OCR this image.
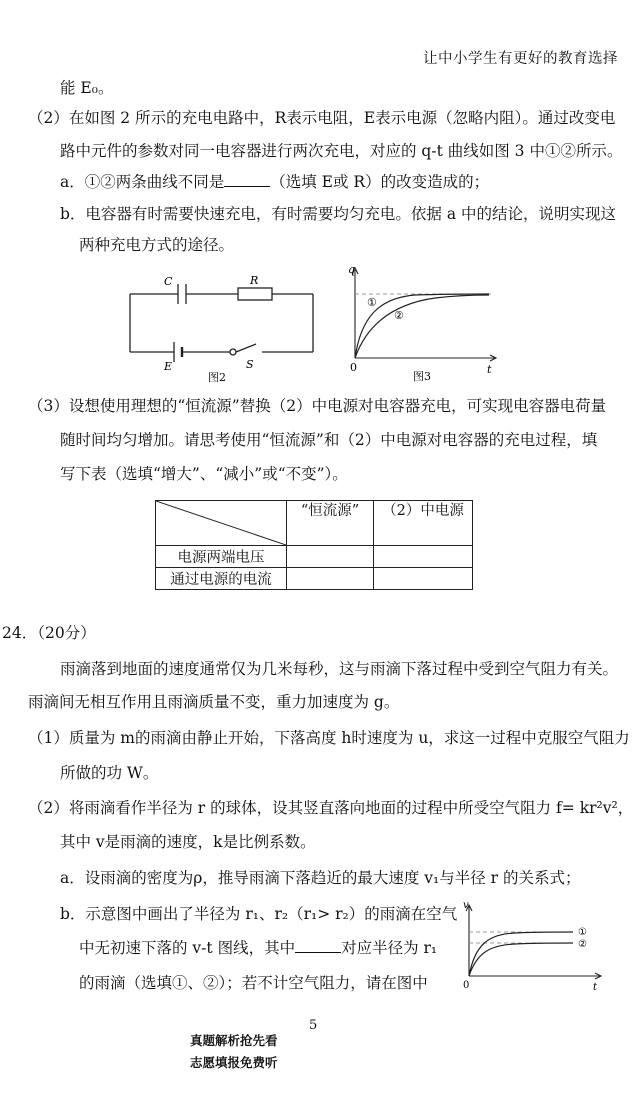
让中小学生有更好的教育选择
能 E₀。
（2）在如图 2 所示的充电电路中，R表示电阻，E表示电源（忽略内阻）。通过改变电
路中元件的参数对同一电容器进行两次充电，对应的 q-t 曲线如图 3 中①②所示。
a．①②两条曲线不同是	（选填 E或 R）的改变造成的；
b．电容器有时需要快速充电，有时需要均匀充电。依据 a 中的结论，说明实现这
两种充电方式的途径。
C	R
E	S
图2
q
t
0
①
②
图3
（3）设想使用理想的“恒流源”替换（2）中电源对电容器充电，可实现电容器电荷量
随时间均匀增加。请思考使用“恒流源”和（2）中电源对电容器的充电过程，填
写下表（选填“增大”、“减小”或“不变”）。
	“恒流源”	（2）中电源
电源两端电压		
通过电源的电流		
24．（20分）
雨滴落到地面的速度通常仅为几米每秒，这与雨滴下落过程中受到空气阻力有关。
雨滴间无相互作用且雨滴质量不变，重力加速度为 g。
（1）质量为 m的雨滴由静止开始，下落高度 h时速度为 u，求这一过程中克服空气阻力
所做的功 W。
（2）将雨滴看作半径为 r 的球体，设其竖直落向地面的过程中所受空气阻力 f= kr²v²，
其中 v是雨滴的速度，k是比例系数。
a．设雨滴的密度为ρ，推导雨滴下落趋近的最大速度 v₁与半径 r 的关系式；
b．示意图中画出了半径为 r₁、r₂（r₁> r₂）的雨滴在空气
中无初速下落的 v-t 图线，其中	对应半径为 r₁
的雨滴（选填①、②）；若不计空气阻力，请在图中
v
t
0
①
②
5
真题解析抢先看
志愿填报免费听
